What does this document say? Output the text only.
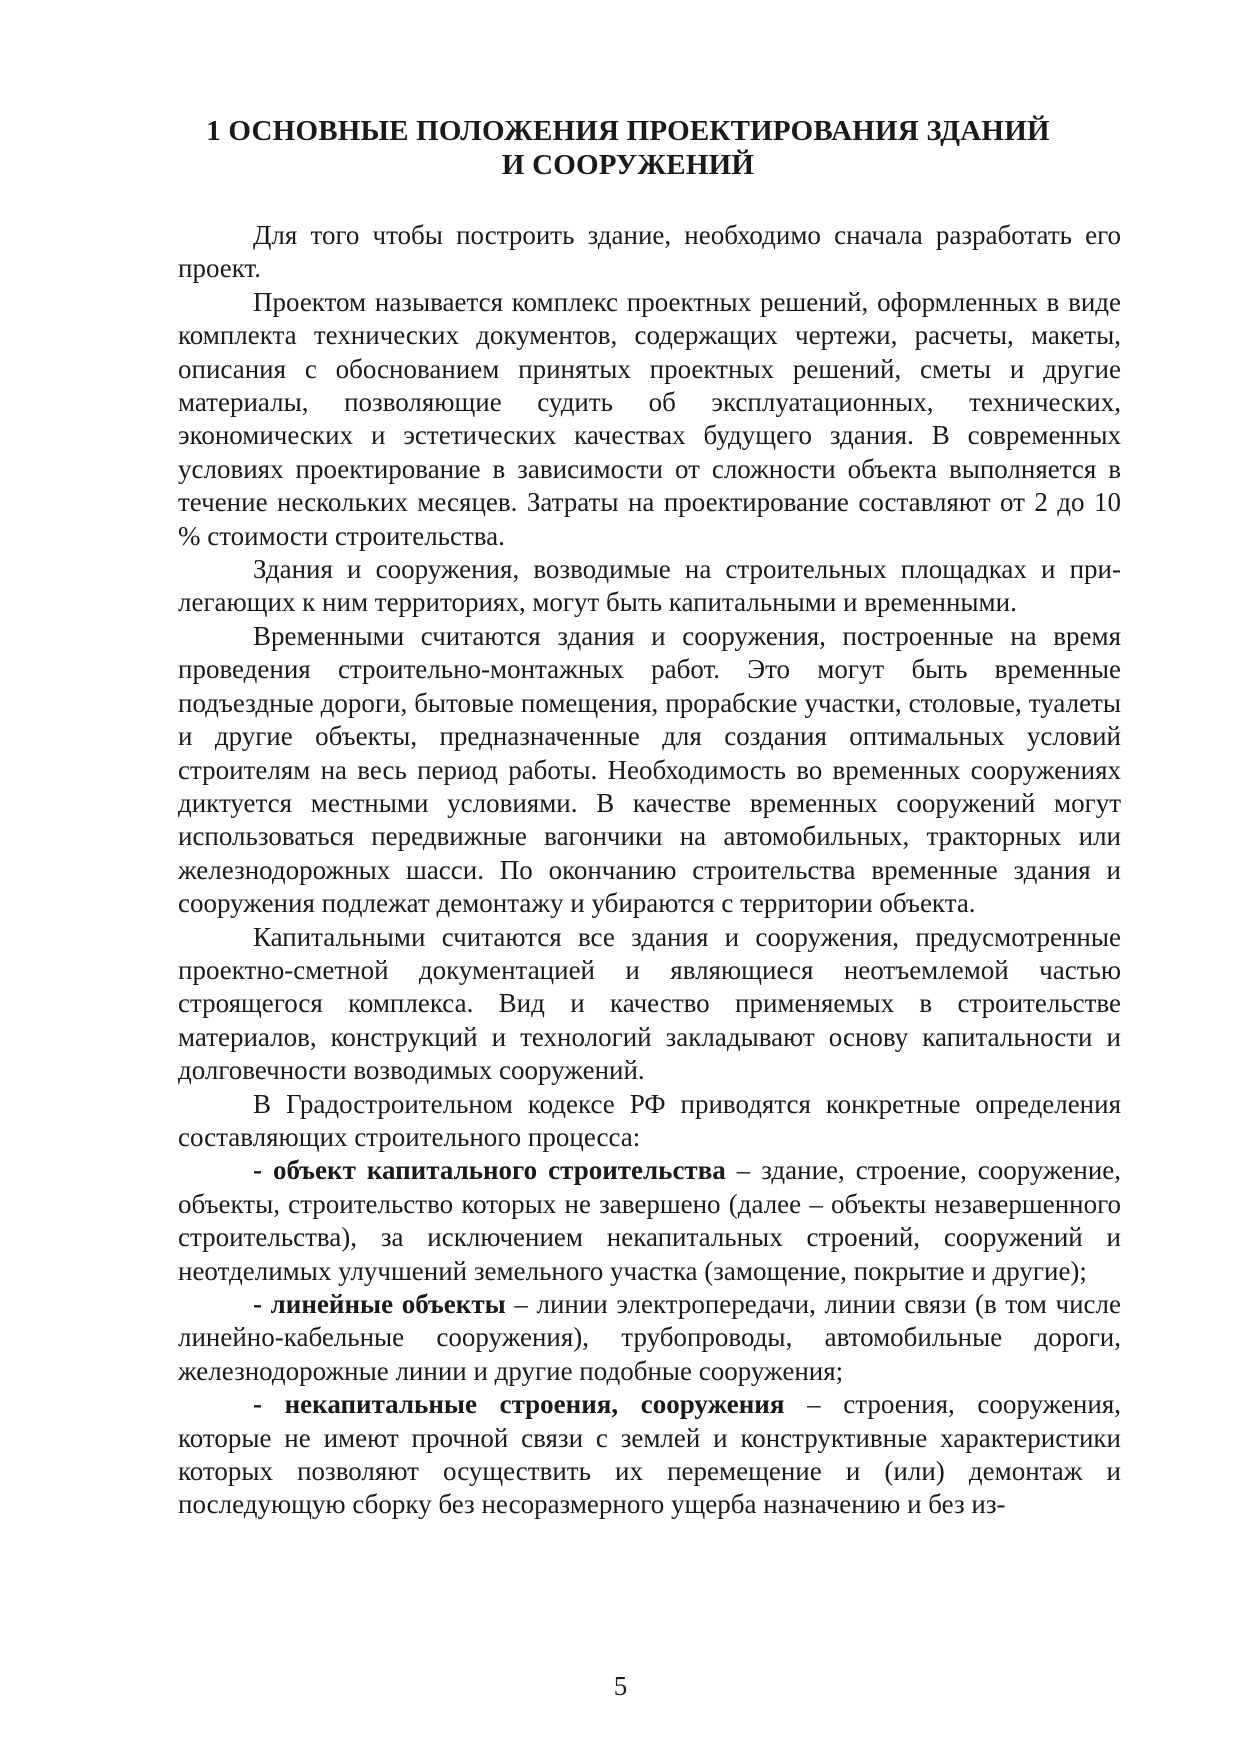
1 ОСНОВНЫЕ ПОЛОЖЕНИЯ ПРОЕКТИРОВАНИЯ ЗДАНИЙ
И СООРУЖЕНИЙ

Для того чтобы построить здание, необходимо сначала разработать его проект.

Проектом называется комплекс проектных решений, оформленных в виде комплекта технических документов, содержащих чертежи, расчеты, макеты, описания с обоснованием принятых проектных решений, сметы и другие материалы, позволяющие судить об эксплуатационных, технических, экономических и эстетических качествах будущего здания. В современных условиях проектирование в зависимости от сложности объекта выполняется в течение нескольких месяцев. Затраты на проектирование составляют от 2 до 10 % стоимости строительства.

Здания и сооружения, возводимые на строительных площадках и прилегающих к ним территориях, могут быть капитальными и временными.

Временными считаются здания и сооружения, построенные на время проведения строительно-монтажных работ. Это могут быть временные подъездные дороги, бытовые помещения, прорабские участки, столовые, туалеты и другие объекты, предназначенные для создания оптимальных условий строителям на весь период работы. Необходимость во временных сооружениях диктуется местными условиями. В качестве временных сооружений могут использоваться передвижные вагончики на автомобильных, тракторных или железнодорожных шасси. По окончанию строительства временные здания и сооружения подлежат демонтажу и убираются с территории объекта.

Капитальными считаются все здания и сооружения, предусмотренные проектно-сметной документацией и являющиеся неотъемлемой частью строящегося комплекса. Вид и качество применяемых в строительстве материалов, конструкций и технологий закладывают основу капитальности и долговечности возводимых сооружений.

В Градостроительном кодексе РФ приводятся конкретные определения составляющих строительного процесса:

- объект капитального строительства – здание, строение, сооружение, объекты, строительство которых не завершено (далее – объекты незавершенного строительства), за исключением некапитальных строений, сооружений и неотделимых улучшений земельного участка (замощение, покрытие и другие);

- линейные объекты – линии электропередачи, линии связи (в том числе линейно-кабельные сооружения), трубопроводы, автомобильные дороги, железнодорожные линии и другие подобные сооружения;

- некапитальные строения, сооружения – строения, сооружения, которые не имеют прочной связи с землей и конструктивные характеристики которых позволяют осуществить их перемещение и (или) демонтаж и последующую сборку без несоразмерного ущерба назначению и без из-

5
